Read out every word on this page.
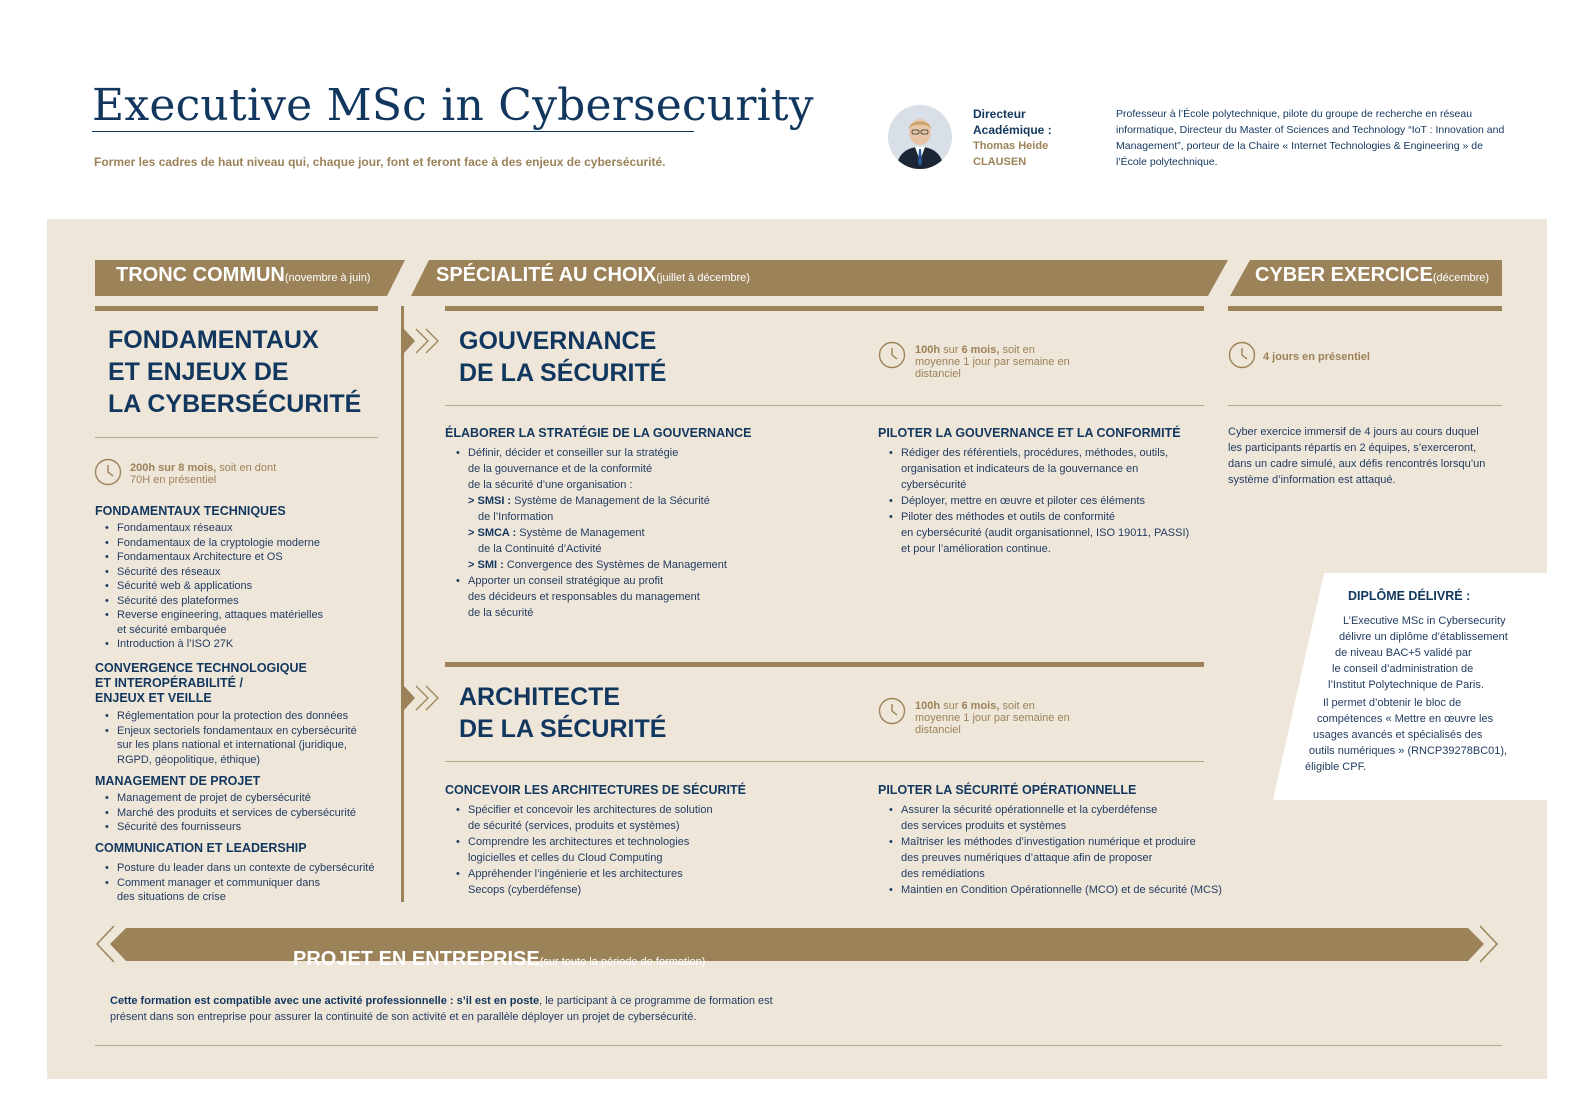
Executive MSc in Cybersecurity
Former les cadres de haut niveau qui, chaque jour, font et feront face à des enjeux de cybersécurité.
Directeur
Académique :
Thomas Heide
CLAUSEN
Professeur à l’École polytechnique, pilote du groupe de recherche en réseau informatique, Directeur du Master of Sciences and Technology “IoT : Innovation and Management”, porteur de la Chaire « Internet Technologies & Engineering » de l’École polytechnique.
TRONC COMMUN(novembre à juin)	SPÉCIALITÉ AU CHOIX(juillet à décembre)	CYBER EXERCICE(décembre)
PROJET EN ENTREPRISE(sur toute la période de formation)
FONDAMENTAUX
ET ENJEUX DE
LA CYBERSÉCURITÉ
200h sur 8 mois, soit en dont
70H en présentiel
FONDAMENTAUX TECHNIQUES
• Fondamentaux réseaux
• Fondamentaux de la cryptologie moderne
• Fondamentaux Architecture et OS
• Sécurité des réseaux
• Sécurité web & applications
• Sécurité des plateformes
• Reverse engineering, attaques matérielles
et sécurité embarquée
• Introduction à l’ISO 27K
CONVERGENCE TECHNOLOGIQUE
ET INTEROPÉRABILITÉ /
ENJEUX ET VEILLE
• Réglementation pour la protection des données
• Enjeux sectoriels fondamentaux en cybersécurité
sur les plans national et international (juridique,
RGPD, géopolitique, éthique)
MANAGEMENT DE PROJET
• Management de projet de cybersécurité
• Marché des produits et services de cybersécurité
• Sécurité des fournisseurs
COMMUNICATION ET LEADERSHIP
• Posture du leader dans un contexte de cybersécurité
• Comment manager et communiquer dans
des situations de crise
GOUVERNANCE
DE LA SÉCURITÉ
100h sur 6 mois, soit en
moyenne 1 jour par semaine en
distanciel
ÉLABORER LA STRATÉGIE DE LA GOUVERNANCE
• Définir, décider et conseiller sur la stratégie
de la gouvernance et de la conformité
de la sécurité d’une organisation :
> SMSI : Système de Management de la Sécurité
de l’Information
> SMCA : Système de Management
de la Continuité d’Activité
> SMI : Convergence des Systèmes de Management
• Apporter un conseil stratégique au profit
des décideurs et responsables du management
de la sécurité
PILOTER LA GOUVERNANCE ET LA CONFORMITÉ
• Rédiger des référentiels, procédures, méthodes, outils,
organisation et indicateurs de la gouvernance en
cybersécurité
• Déployer, mettre en œuvre et piloter ces éléments
• Piloter des méthodes et outils de conformité
en cybersécurité (audit organisationnel, ISO 19011, PASSI)
et pour l’amélioration continue.
ARCHITECTE
DE LA SÉCURITÉ
100h sur 6 mois, soit en
moyenne 1 jour par semaine en
distanciel
CONCEVOIR LES ARCHITECTURES DE SÉCURITÉ
• Spécifier et concevoir les architectures de solution
de sécurité (services, produits et systèmes)
• Comprendre les architectures et technologies
logicielles et celles du Cloud Computing
• Appréhender l’ingénierie et les architectures
Secops (cyberdéfense)
PILOTER LA SÉCURITÉ OPÉRATIONNELLE
• Assurer la sécurité opérationnelle et la cyberdéfense
des services produits et systèmes
• Maîtriser les méthodes d’investigation numérique et produire
des preuves numériques d’attaque afin de proposer
des remédiations
• Maintien en Condition Opérationnelle (MCO) et de sécurité (MCS)
4 jours en présentiel
Cyber exercice immersif de 4 jours au cours duquel
les participants répartis en 2 équipes, s’exerceront,
dans un cadre simulé, aux défis rencontrés lorsqu’un
système d’information est attaqué.
DIPLÔME DÉLIVRÉ :
L’Executive MSc in Cybersecurity
délivre un diplôme d’établissement
de niveau BAC+5 validé par
le conseil d’administration de
l’Institut Polytechnique de Paris.
Il permet d’obtenir le bloc de
compétences « Mettre en œuvre les
usages avancés et spécialisés des
outils numériques » (RNCP39278BC01),
éligible CPF.
Cette formation est compatible avec une activité professionnelle : s’il est en poste, le participant à ce programme de formation est
présent dans son entreprise pour assurer la continuité de son activité et en parallèle déployer un projet de cybersécurité.
